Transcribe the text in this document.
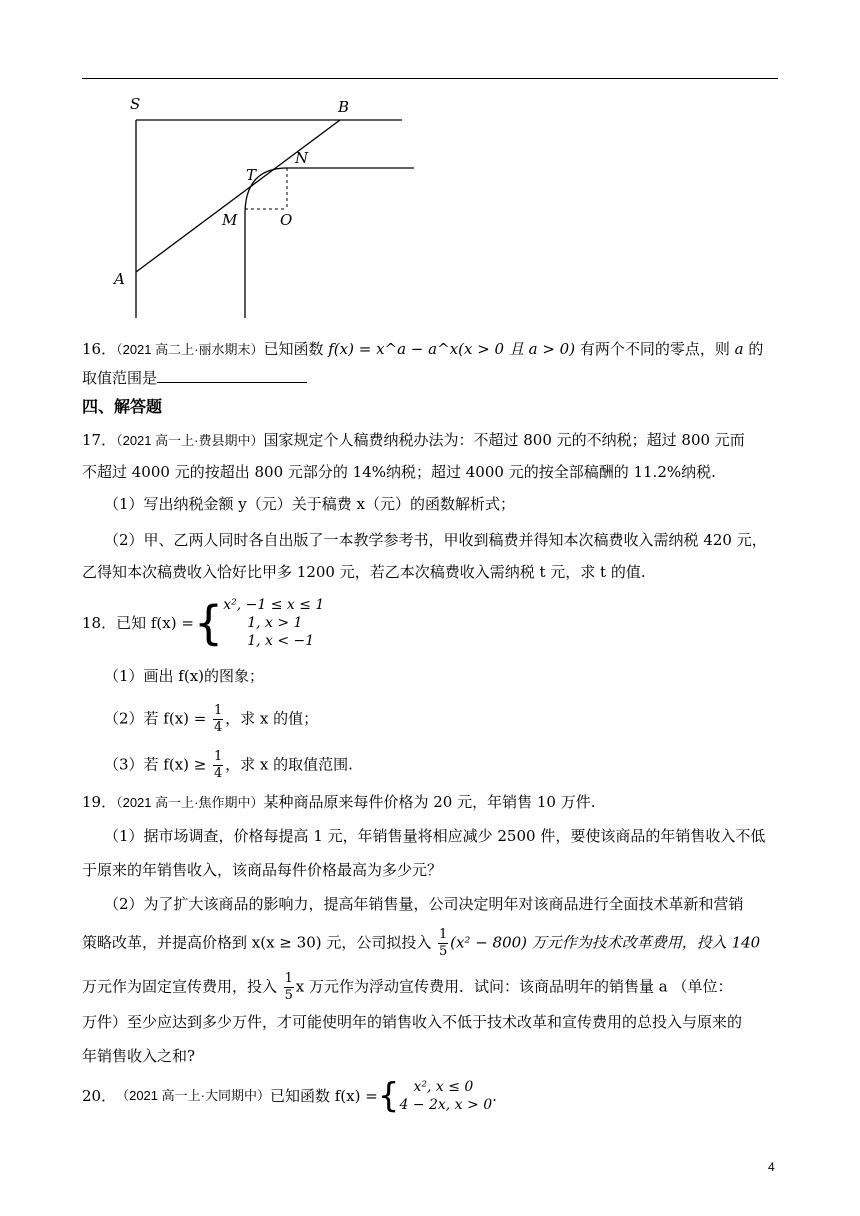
S	B
N
T
M	O
A
16．（2021 高二上·丽水期末）已知函数 f(x) = x^a − a^x(x > 0 且 a > 0) 有两个不同的零点，则 a 的
取值范围是
四、解答题
17．（2021 高一上·费县期中）国家规定个人稿费纳税办法为：不超过 800 元的不纳税；超过 800 元而
不超过 4000 元的按超出 800 元部分的 14%纳税；超过 4000 元的按全部稿酬的 11.2%纳税.
（1）写出纳税金额 y（元）关于稿费 x（元）的函数解析式；
（2）甲、乙两人同时各自出版了一本教学参考书，甲收到稿费并得知本次稿费收入需纳税 420 元，
乙得知本次稿费收入恰好比甲多 1200 元，若乙本次稿费收入需纳税 t 元，求 t 的值.
18． 已知 f(x) = { x², −1 ≤ x ≤ 1
1, x > 1
1, x < −1
（1）画出 f(x)的图象；
（2）若 $f(x) = \frac{1}{4}$ ，求 x 的值；
（3）若 $f(x) \ge \frac{1}{4}$ ，求 x 的取值范围.
19．（2021 高一上·焦作期中）某种商品原来每件价格为 20 元，年销售 10 万件.
（1）据市场调查，价格每提高 1 元，年销售量将相应减少 2500 件，要使该商品的年销售收入不低
于原来的年销售收入，该商品每件价格最高为多少元？
（2）为了扩大该商品的影响力，提高年销售量，公司决定明年对该商品进行全面技术革新和营销
策略改革，并提高价格到 x(x ≥ 30) 元，公司拟投入 $\frac{1}{5} (x^2 - 800)$ 万元作为技术改革费用，投入 140
万元作为固定宣传费用，投入 $\frac{1}{5}$ x 万元作为浮动宣传费用．试问：该商品明年的销售量 a （单位：
万件）至少应达到多少万件，才可能使明年的销售收入不低于技术改革和宣传费用的总投入与原来的
年销售收入之和?
20． （2021 高一上·大同期中） 已知函数 f(x) = {	x², x ≤ 0
4 − 2x, x > 0 .
4
